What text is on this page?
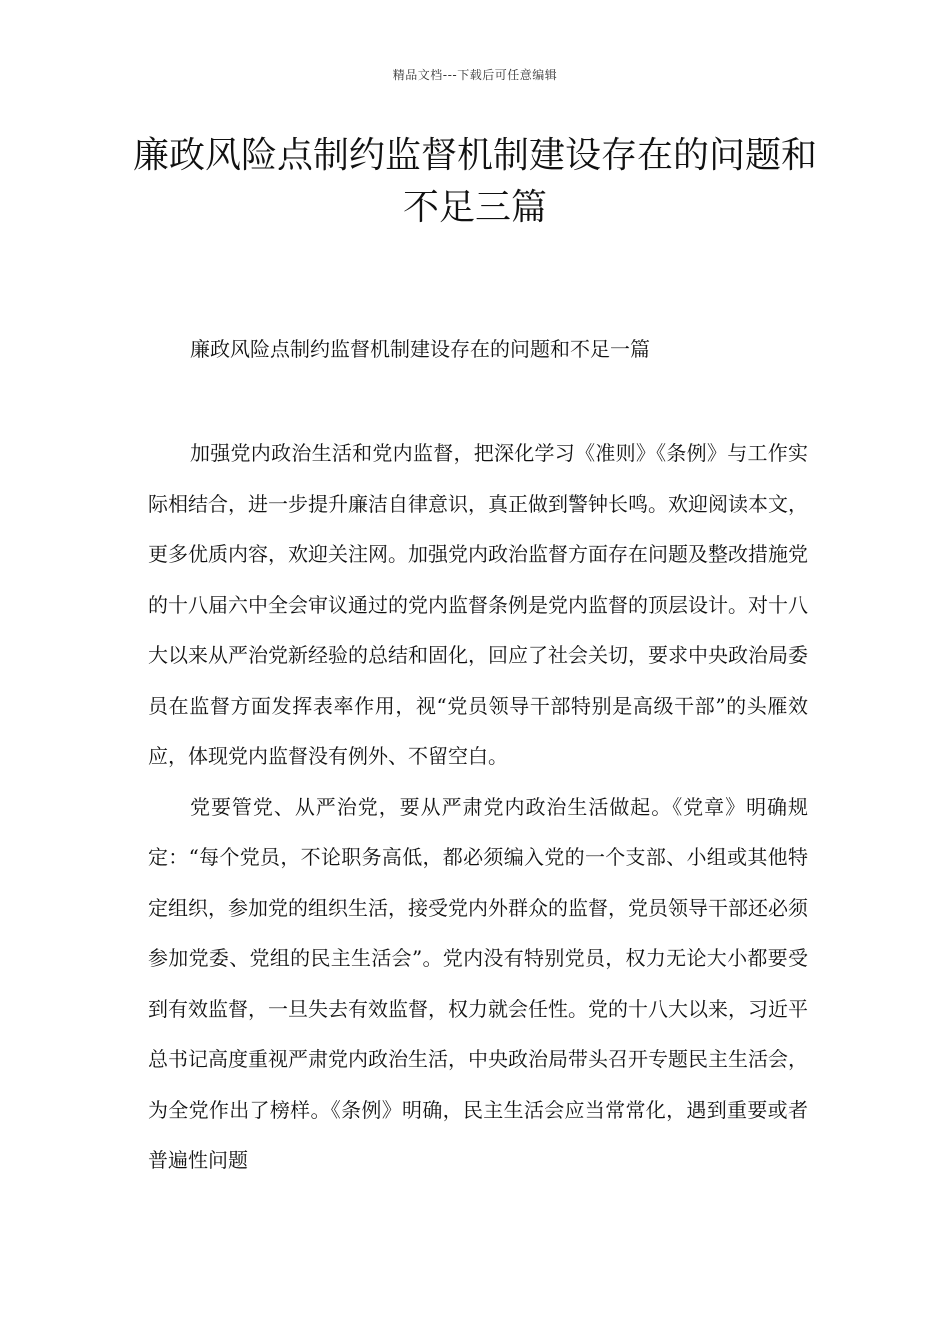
精品文档---下载后可任意编辑
廉政风险点制约监督机制建设存在的问题和不足三篇
廉政风险点制约监督机制建设存在的问题和不足一篇

加强党内政治生活和党内监督，把深化学习《准则》《条例》与工作实际相结合，进一步提升廉洁自律意识，真正做到警钟长鸣。欢迎阅读本文，更多优质内容，欢迎关注网。加强党内政治监督方面存在问题及整改措施党的十八届六中全会审议通过的党内监督条例是党内监督的顶层设计。对十八大以来从严治党新经验的总结和固化，回应了社会关切，要求中央政治局委员在监督方面发挥表率作用，视“党员领导干部特别是高级干部”的头雁效应，体现党内监督没有例外、不留空白。

党要管党、从严治党，要从严肃党内政治生活做起。《党章》明确规定：“每个党员，不论职务高低，都必须编入党的一个支部、小组或其他特定组织，参加党的组织生活，接受党内外群众的监督，党员领导干部还必须参加党委、党组的民主生活会”。党内没有特别党员，权力无论大小都要受到有效监督，一旦失去有效监督，权力就会任性。党的十八大以来，习近平总书记高度重视严肃党内政治生活，中央政治局带头召开专题民主生活会，为全党作出了榜样。《条例》明确，民主生活会应当常常化，遇到重要或者普遍性问题
